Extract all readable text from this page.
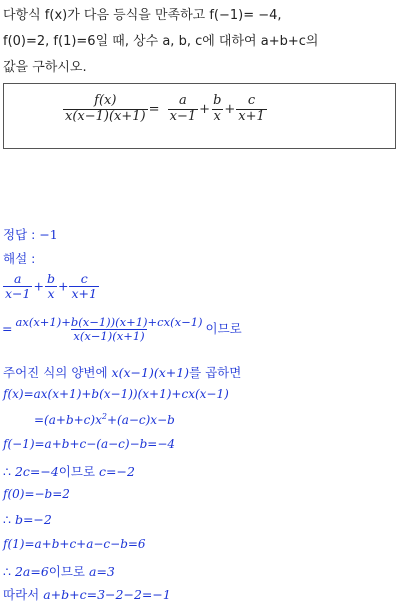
다항식 f(x)가 다음 등식을 만족하고 f(−1)= −4,
f(0)=2, f(1)=6일 때, 상수 a, b, c에 대하여 a+b+c의
값을 구하시오.
$\frac{f(x)}{x(x-1)(x+1)} = \frac{a}{x-1} + \frac{b}{x} + \frac{c}{x+1}$
정답 : −1
해설 :
$\frac{a}{x-1} + \frac{b}{x} + \frac{c}{x+1}$
= $\frac{ax(x+1)+b(x-1))(x+1)+cx(x-1)}{x(x-1)(x+1)}$ 이므로
주어진 식의 양변에 x(x−1)(x+1)를 곱하면
f(x)=ax(x+1)+b(x−1))(x+1)+cx(x−1)
$=(a+b+c)x^2+(a-c)x-b$
f(−1)=a+b+c−(a−c)−b=−4
∴ 2c=−4이므로 c=−2
f(0)=−b=2
∴ b=−2
f(1)=a+b+c+a−c−b=6
∴ 2a=6이므로 a=3
따라서 a+b+c=3−2−2=−1
